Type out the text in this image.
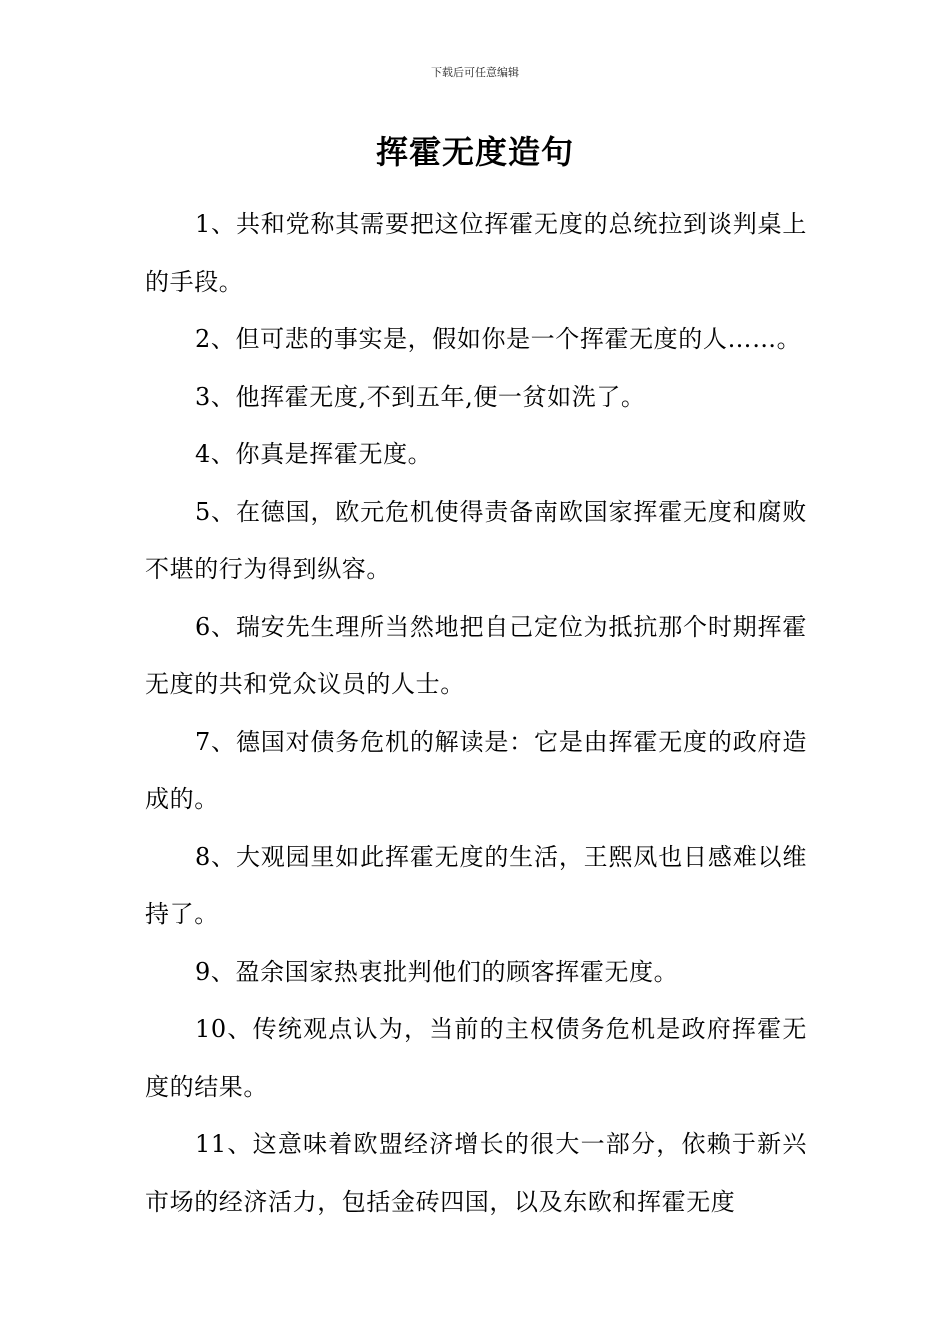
下载后可任意编辑
挥霍无度造句

1、共和党称其需要把这位挥霍无度的总统拉到谈判桌上的手段。

2、但可悲的事实是，假如你是一个挥霍无度的人……。

3、他挥霍无度,不到五年,便一贫如洗了。

4、你真是挥霍无度。

5、在德国，欧元危机使得责备南欧国家挥霍无度和腐败不堪的行为得到纵容。

6、瑞安先生理所当然地把自己定位为抵抗那个时期挥霍无度的共和党众议员的人士。

7、德国对债务危机的解读是：它是由挥霍无度的政府造成的。

8、大观园里如此挥霍无度的生活，王熙凤也日感难以维持了。

9、盈余国家热衷批判他们的顾客挥霍无度。

10、传统观点认为，当前的主权债务危机是政府挥霍无度的结果。

11、这意味着欧盟经济增长的很大一部分，依赖于新兴市场的经济活力，包括金砖四国，以及东欧和挥霍无度
